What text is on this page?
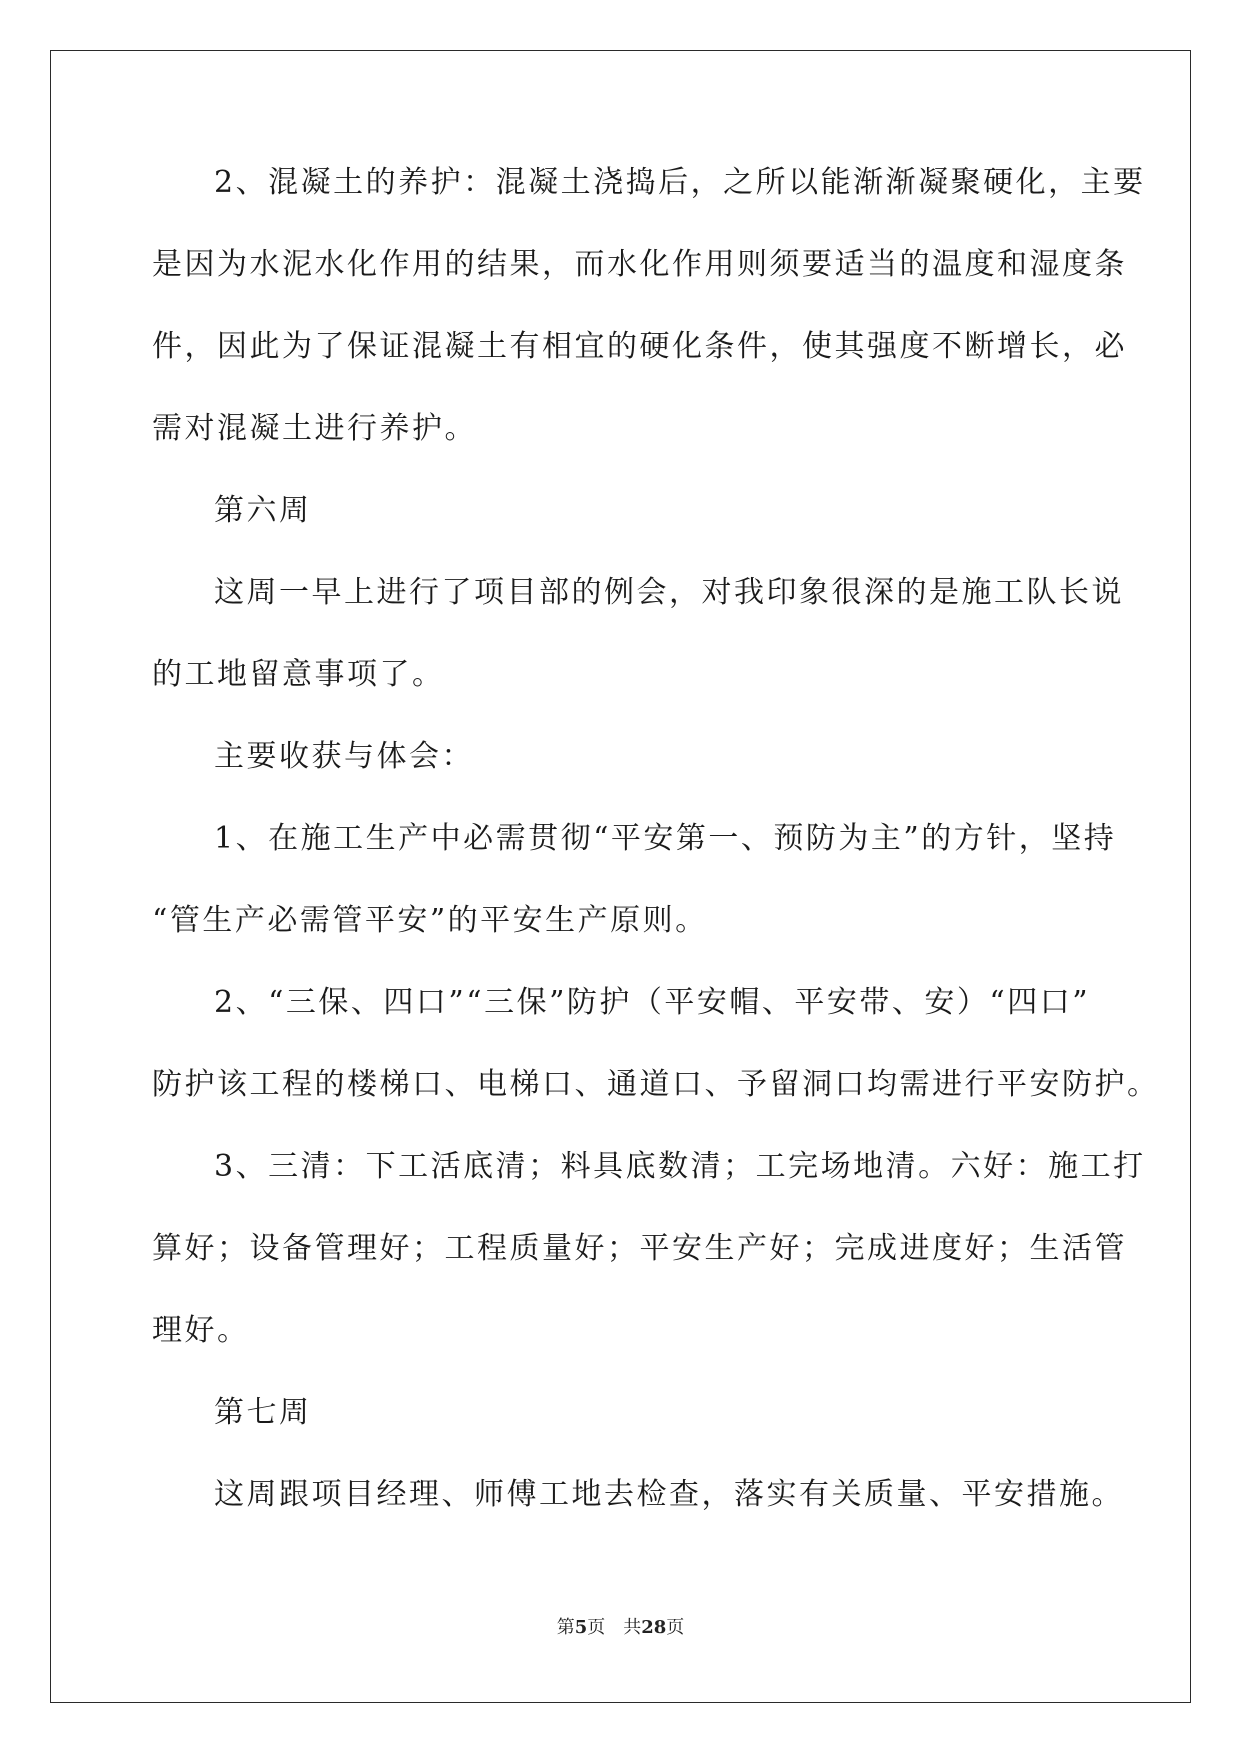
2、混凝土的养护：混凝土浇捣后，之所以能渐渐凝聚硬化，主要
是因为水泥水化作用的结果，而水化作用则须要适当的温度和湿度条
件，因此为了保证混凝土有相宜的硬化条件，使其强度不断增长，必
需对混凝土进行养护。
第六周
这周一早上进行了项目部的例会，对我印象很深的是施工队长说
的工地留意事项了。
主要收获与体会：
1、在施工生产中必需贯彻“平安第一、预防为主”的方针，坚持
“管生产必需管平安”的平安生产原则。
2、“三保、四口”“三保”防护（平安帽、平安带、安）“四口”
防护该工程的楼梯口、电梯口、通道口、予留洞口均需进行平安防护。
3、三清：下工活底清；料具底数清；工完场地清。六好：施工打
算好；设备管理好；工程质量好；平安生产好；完成进度好；生活管
理好。
第七周
这周跟项目经理、师傅工地去检查，落实有关质量、平安措施。
第5页　共28页
